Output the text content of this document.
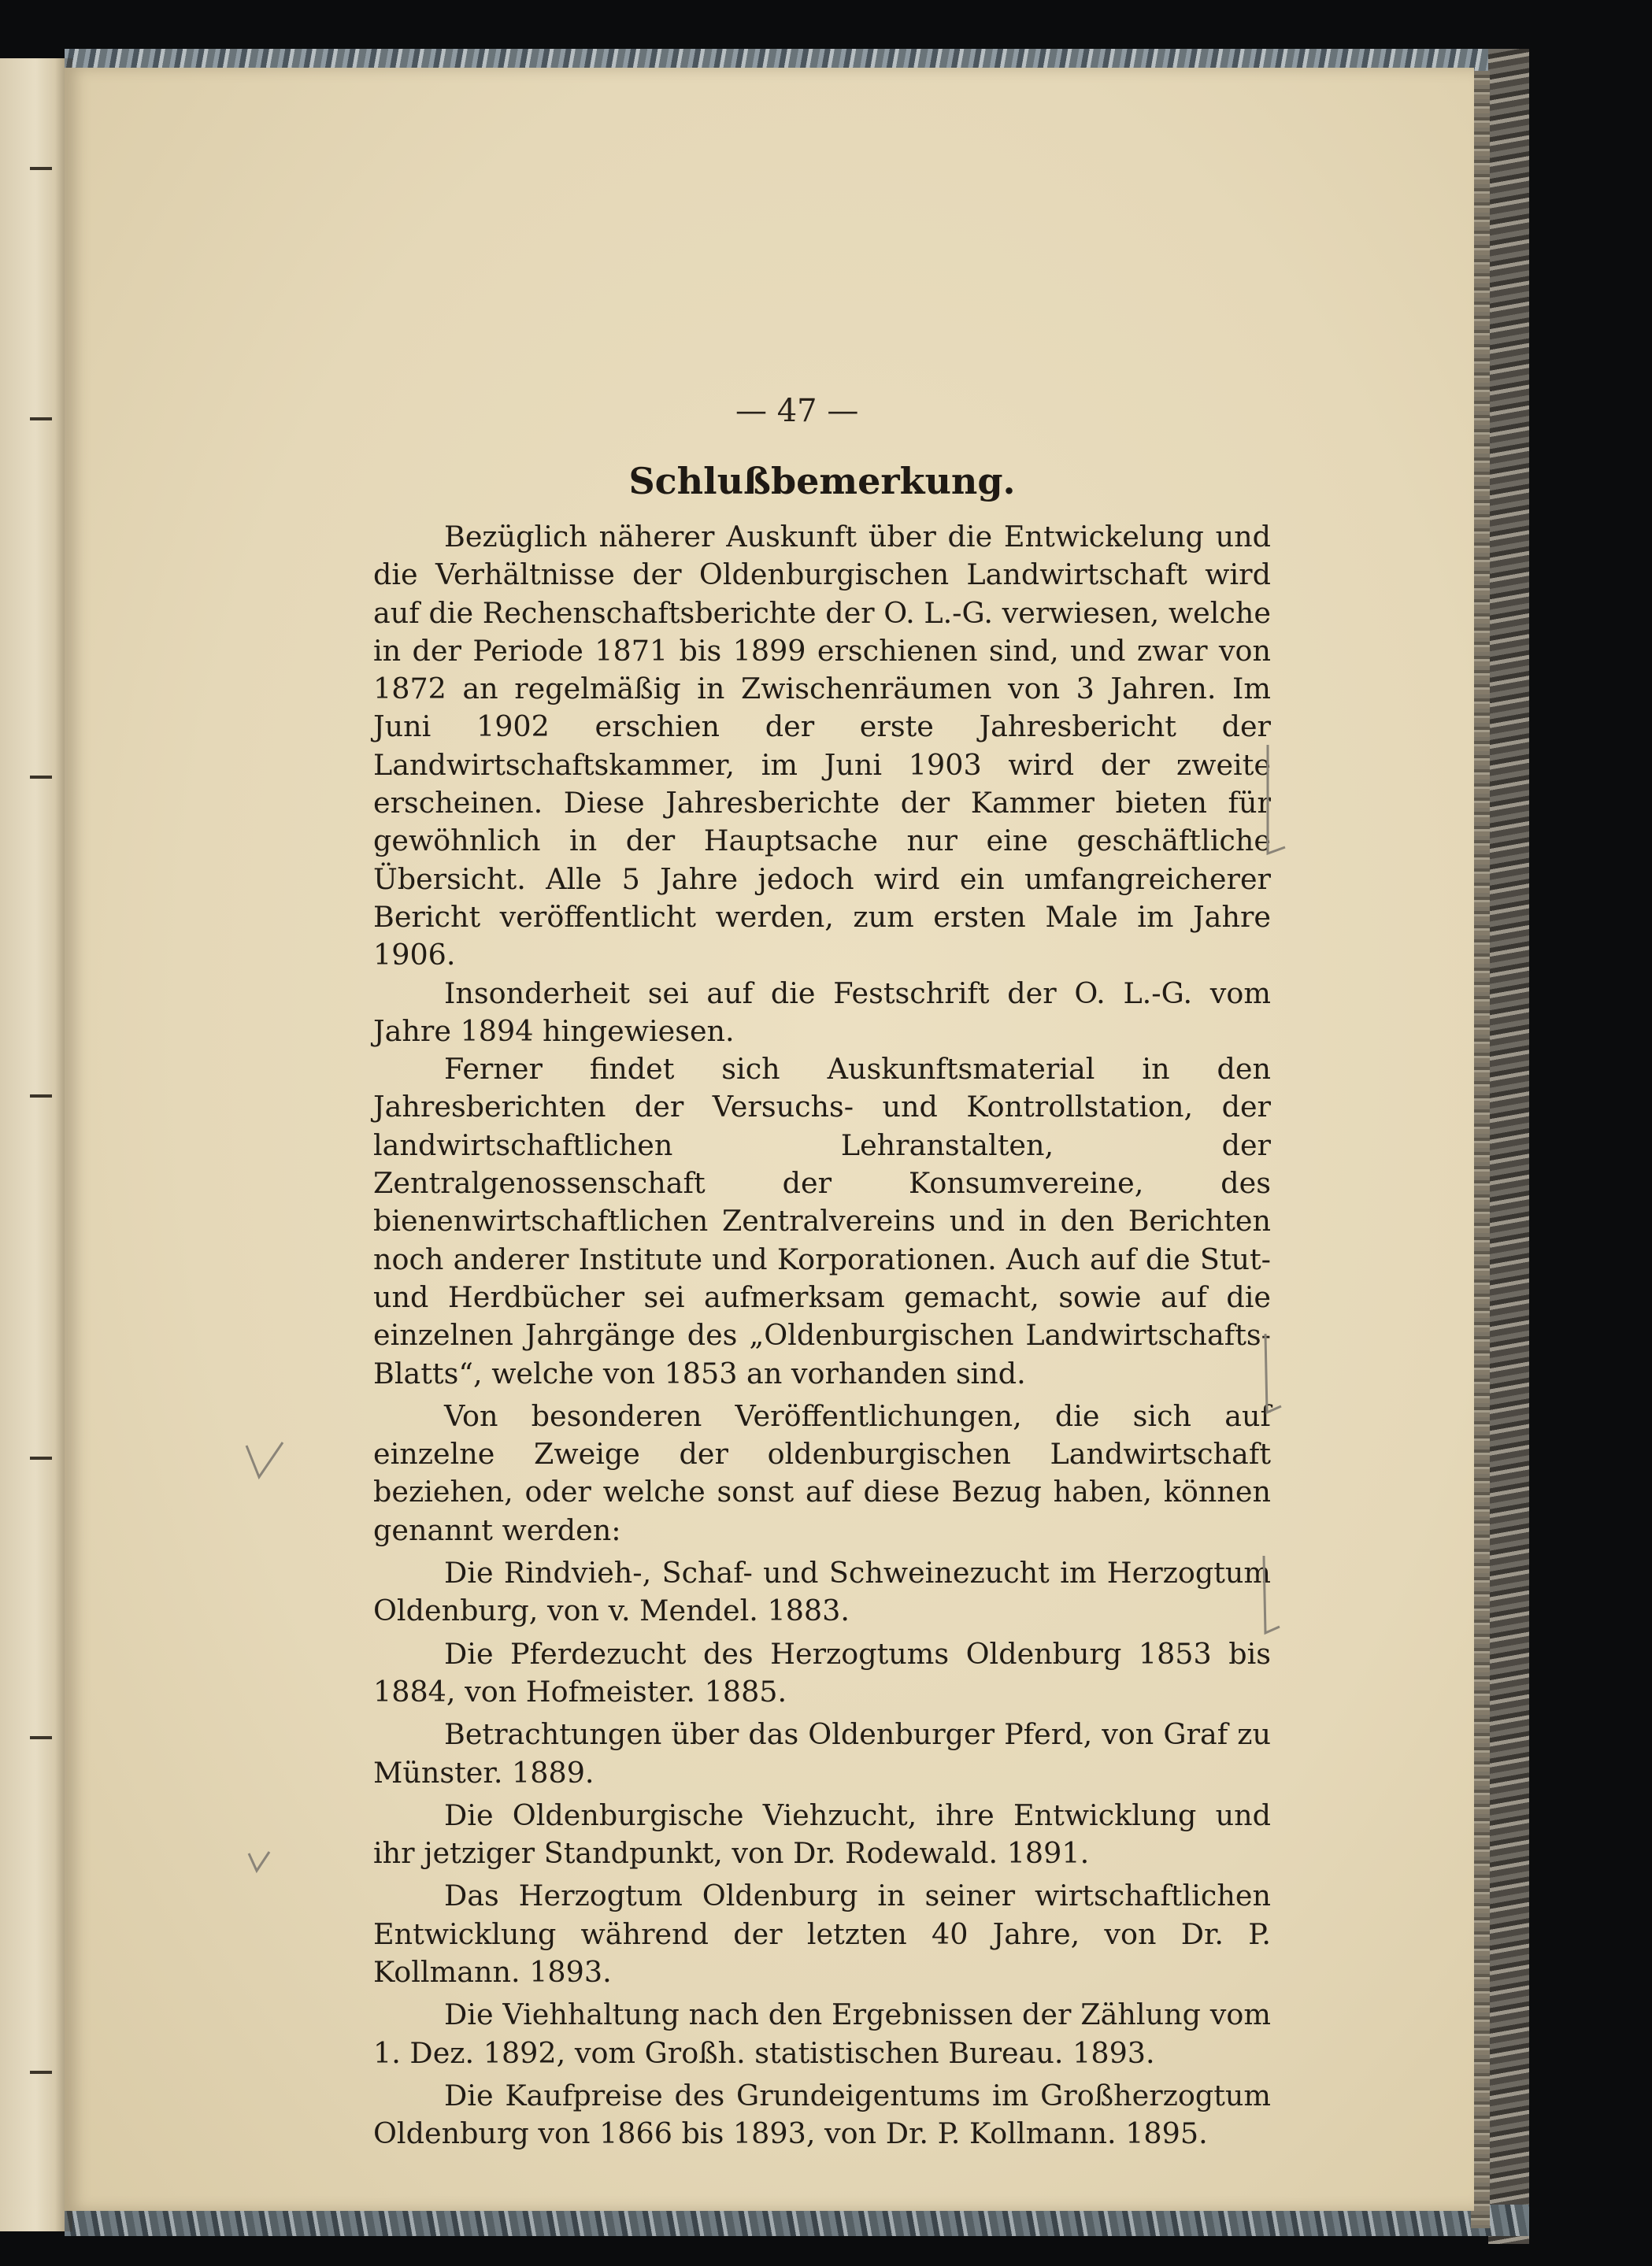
— 47 —
Schlußbemerkung.

Bezüglich näherer Auskunft über die Entwickelung und die Verhältnisse der Oldenburgischen Landwirtschaft wird auf die Rechenschaftsberichte der O. L.-G. verwiesen, welche in der Periode 1871 bis 1899 erschienen sind, und zwar von 1872 an regelmäßig in Zwischenräumen von 3 Jahren. Im Juni 1902 erschien der erste Jahresbericht der Landwirtschaftskammer, im Juni 1903 wird der zweite erscheinen. Diese Jahresberichte der Kammer bieten für gewöhnlich in der Hauptsache nur eine geschäftliche Übersicht. Alle 5 Jahre jedoch wird ein umfangreicherer Bericht veröffentlicht werden, zum ersten Male im Jahre 1906.

Insonderheit sei auf die Festschrift der O. L.-G. vom Jahre 1894 hingewiesen.

Ferner findet sich Auskunftsmaterial in den Jahresberichten der Versuchs- und Kontrollstation, der landwirtschaftlichen Lehranstalten, der Zentralgenossenschaft der Konsumvereine, des bienenwirtschaftlichen Zentralvereins und in den Berichten noch anderer Institute und Korporationen. Auch auf die Stut- und Herdbücher sei aufmerksam gemacht, sowie auf die einzelnen Jahrgänge des „Oldenburgischen Landwirtschafts-Blatts“, welche von 1853 an vorhanden sind.

Von besonderen Veröffentlichungen, die sich auf einzelne Zweige der oldenburgischen Landwirtschaft beziehen, oder welche sonst auf diese Bezug haben, können genannt werden:

Die Rindvieh-, Schaf- und Schweinezucht im Herzogtum Oldenburg, von v. Mendel. 1883.

Die Pferdezucht des Herzogtums Oldenburg 1853 bis 1884, von Hofmeister. 1885.

Betrachtungen über das Oldenburger Pferd, von Graf zu Münster. 1889.

Die Oldenburgische Viehzucht, ihre Entwicklung und ihr jetziger Standpunkt, von Dr. Rodewald. 1891.

Das Herzogtum Oldenburg in seiner wirtschaftlichen Entwicklung während der letzten 40 Jahre, von Dr. P. Kollmann. 1893.

Die Viehhaltung nach den Ergebnissen der Zählung vom 1. Dez. 1892, vom Großh. statistischen Bureau. 1893.

Die Kaufpreise des Grundeigentums im Großherzogtum Oldenburg von 1866 bis 1893, von Dr. P. Kollmann. 1895.
